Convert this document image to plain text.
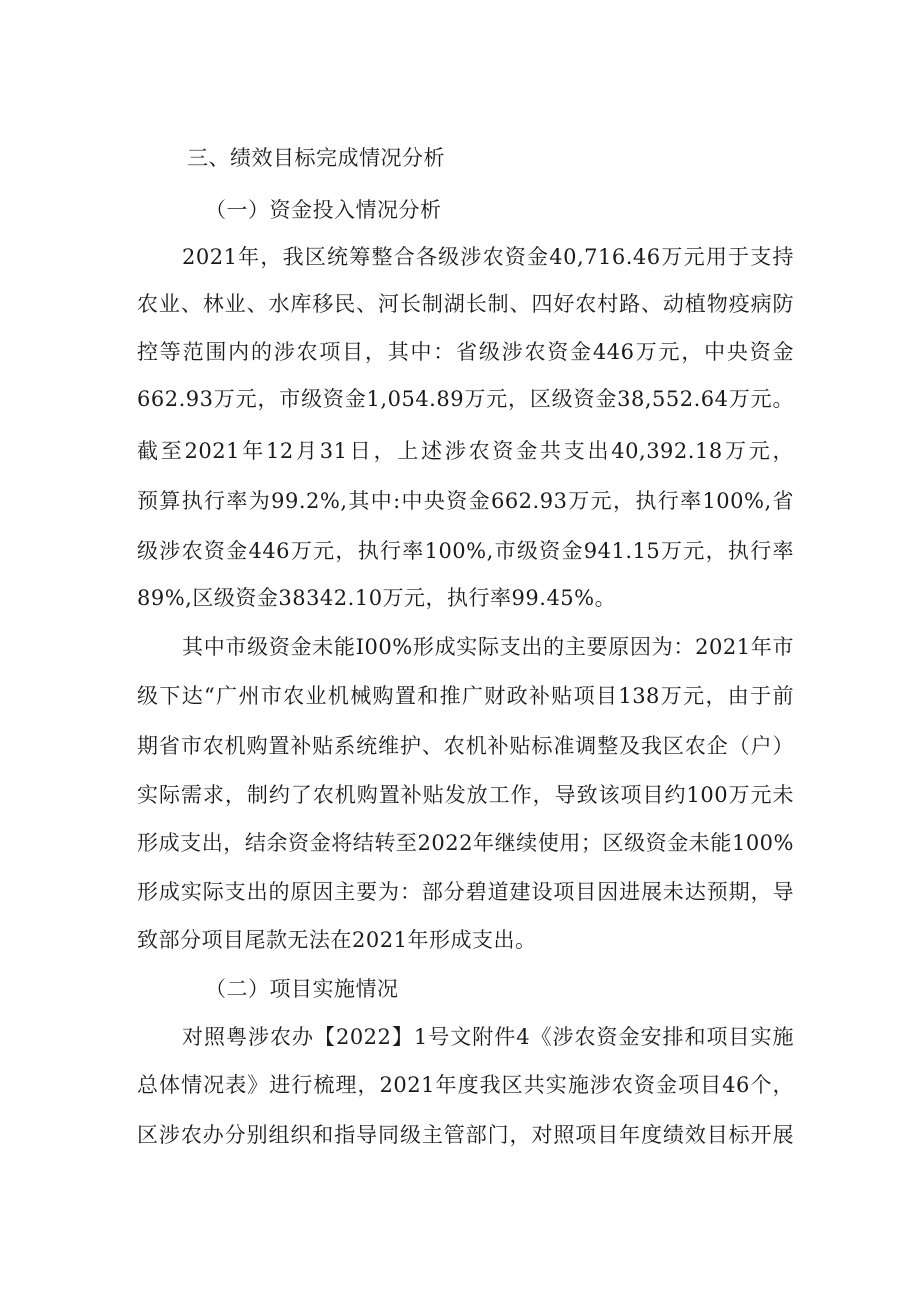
三、绩效目标完成情况分析

（一）资金投入情况分析

2021年，我区统筹整合各级涉农资金40,716.46万元用于支持

农业、林业、水库移民、河长制湖长制、四好农村路、动植物疫病防

控等范围内的涉农项目，其中：省级涉农资金446万元，中央资金

662.93万元，市级资金1,054.89万元，区级资金38,552.64万元。

截至2021年12月31日，上述涉农资金共支出40,392.18万元，

预算执行率为99.2%,其中:中央资金662.93万元，执行率100%,省

级涉农资金446万元，执行率100%,市级资金941.15万元，执行率

89%,区级资金38342.10万元，执行率99.45%。

其中市级资金未能I00%形成实际支出的主要原因为：2021年市

级下达“广州市农业机械购置和推广财政补贴项目138万元，由于前

期省市农机购置补贴系统维护、农机补贴标准调整及我区农企（户）

实际需求，制约了农机购置补贴发放工作，导致该项目约100万元未

形成支出，结余资金将结转至2022年继续使用；区级资金未能100%

形成实际支出的原因主要为：部分碧道建设项目因进展未达预期，导

致部分项目尾款无法在2021年形成支出。

（二）项目实施情况

对照粤涉农办【2022】1号文附件4《涉农资金安排和项目实施

总体情况表》进行梳理，2021年度我区共实施涉农资金项目46个，

区涉农办分别组织和指导同级主管部门，对照项目年度绩效目标开展
